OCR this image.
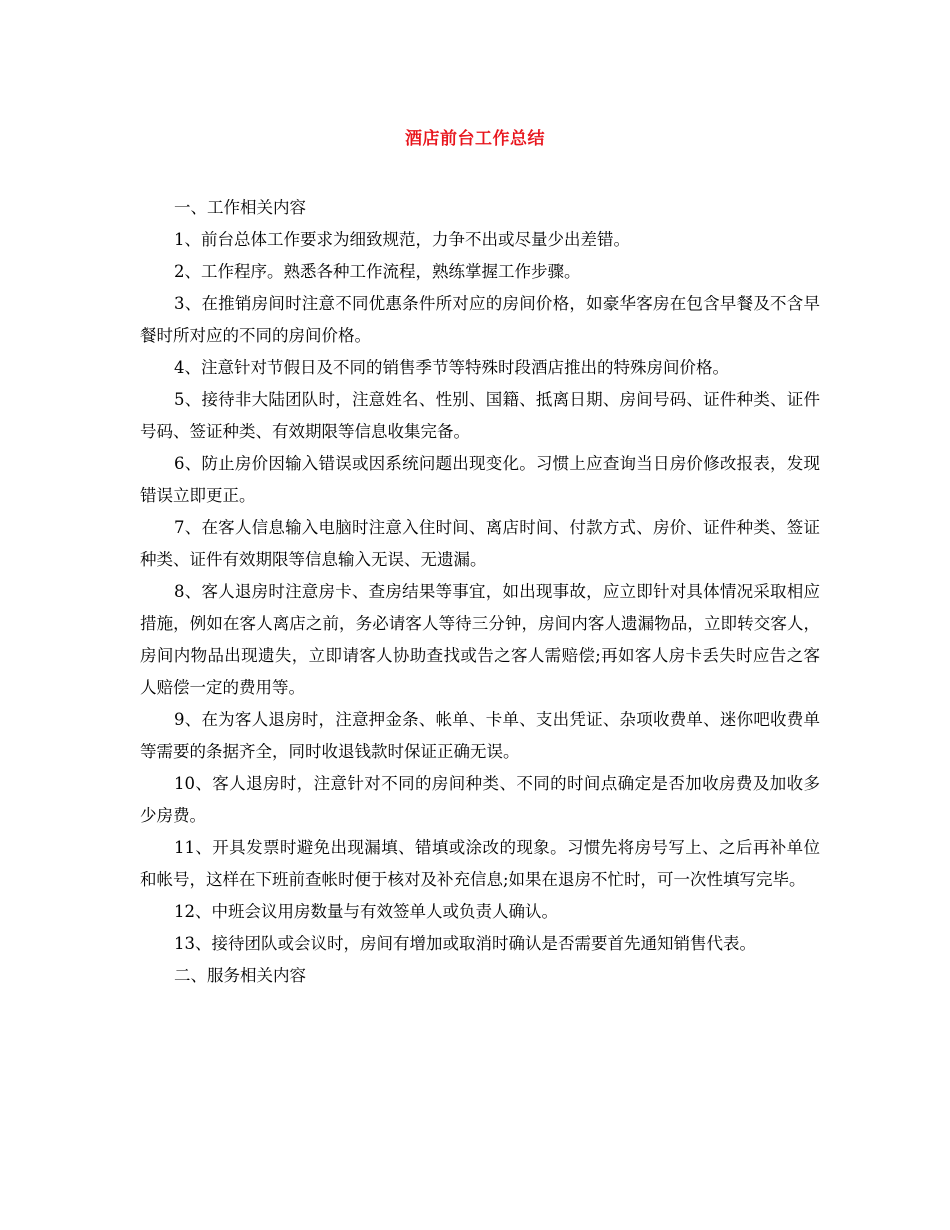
酒店前台工作总结

一、工作相关内容

1、前台总体工作要求为细致规范，力争不出或尽量少出差错。

2、工作程序。熟悉各种工作流程，熟练掌握工作步骤。

3、在推销房间时注意不同优惠条件所对应的房间价格，如豪华客房在包含早餐及不含早餐时所对应的不同的房间价格。

4、注意针对节假日及不同的销售季节等特殊时段酒店推出的特殊房间价格。

5、接待非大陆团队时，注意姓名、性别、国籍、抵离日期、房间号码、证件种类、证件号码、签证种类、有效期限等信息收集完备。

6、防止房价因输入错误或因系统问题出现变化。习惯上应查询当日房价修改报表，发现错误立即更正。

7、在客人信息输入电脑时注意入住时间、离店时间、付款方式、房价、证件种类、签证种类、证件有效期限等信息输入无误、无遗漏。

8、客人退房时注意房卡、查房结果等事宜，如出现事故，应立即针对具体情况采取相应措施，例如在客人离店之前，务必请客人等待三分钟，房间内客人遗漏物品，立即转交客人，房间内物品出现遗失，立即请客人协助查找或告之客人需赔偿;再如客人房卡丢失时应告之客人赔偿一定的费用等。

9、在为客人退房时，注意押金条、帐单、卡单、支出凭证、杂项收费单、迷你吧收费单等需要的条据齐全，同时收退钱款时保证正确无误。

10、客人退房时，注意针对不同的房间种类、不同的时间点确定是否加收房费及加收多少房费。

11、开具发票时避免出现漏填、错填或涂改的现象。习惯先将房号写上、之后再补单位和帐号，这样在下班前查帐时便于核对及补充信息;如果在退房不忙时，可一次性填写完毕。

12、中班会议用房数量与有效签单人或负责人确认。

13、接待团队或会议时，房间有增加或取消时确认是否需要首先通知销售代表。

二、服务相关内容
